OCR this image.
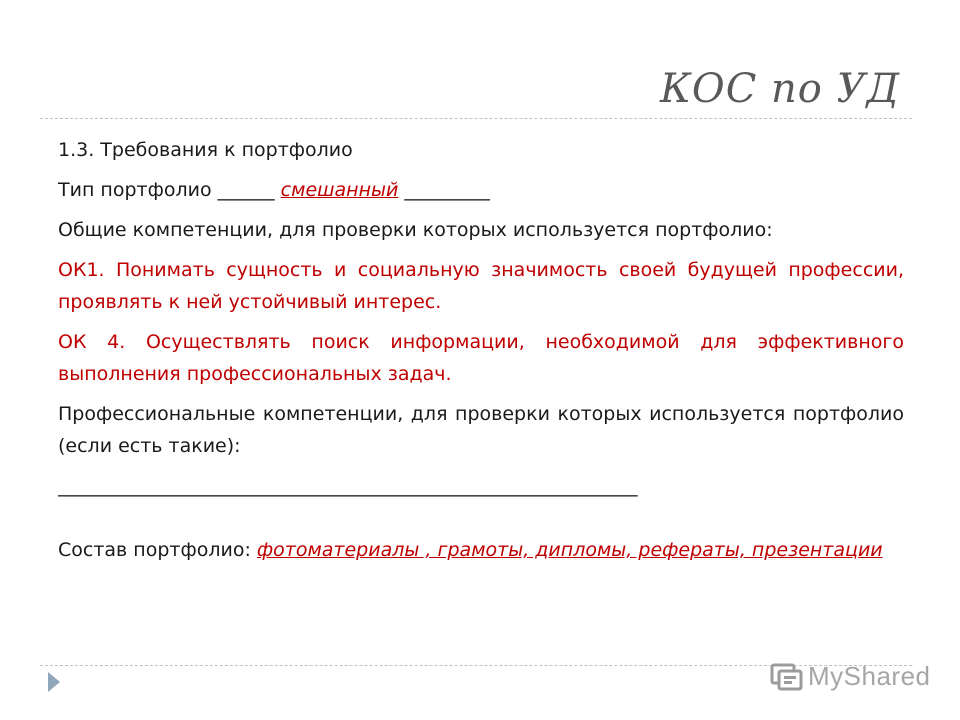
КОС по УД

1.3. Требования к портфолио

Тип портфолио ______ смешанный _________

Общие компетенции, для проверки которых используется портфолио:

ОК1. Понимать сущность и социальную значимость своей будущей профессии, проявлять к ней устойчивый интерес.

ОК 4. Осуществлять поиск информации, необходимой для эффективного выполнения профессиональных задач.

Профессиональные компетенции, для проверки которых используется портфолио (если есть такие):

_____________________________________________________________

Состав портфолио: фотоматериалы , грамоты, дипломы, рефераты, презентации

MyShared
